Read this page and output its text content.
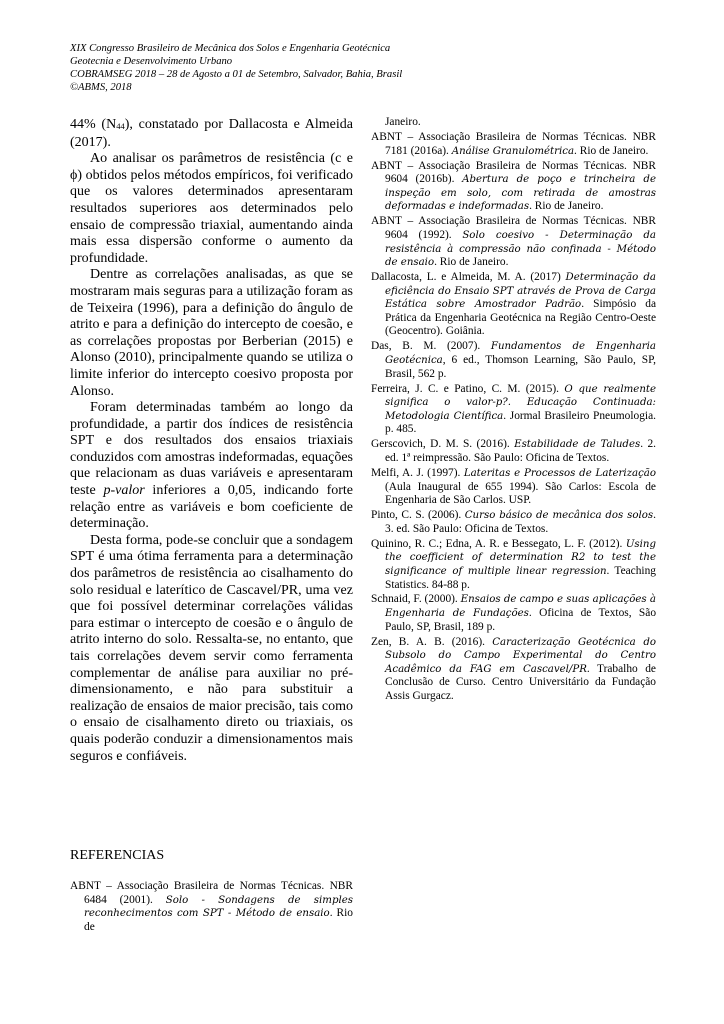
XIX Congresso Brasileiro de Mecânica dos Solos e Engenharia Geotécnica
Geotecnia e Desenvolvimento Urbano
COBRAMSEG 2018 – 28 de Agosto a 01 de Setembro, Salvador, Bahia, Brasil
©ABMS, 2018

44% $(N_{44})$, constatado por Dallacosta e Almeida (2017).

Ao analisar os parâmetros de resistência (c e ϕ) obtidos pelos métodos empíricos, foi verificado que os valores determinados apresentaram resultados superiores aos determinados pelo ensaio de compressão triaxial, aumentando ainda mais essa dispersão conforme o aumento da profundidade.

Dentre as correlações analisadas, as que se mostraram mais seguras para a utilização foram as de Teixeira (1996), para a definição do ângulo de atrito e para a definição do intercepto de coesão, e as correlações propostas por Berberian (2015) e Alonso (2010), principalmente quando se utiliza o limite inferior do intercepto coesivo proposta por Alonso.

Foram determinadas também ao longo da profundidade, a partir dos índices de resistência SPT e dos resultados dos ensaios triaxiais conduzidos com amostras indeformadas, equações que relacionam as duas variáveis e apresentaram teste p-valor inferiores a 0,05, indicando forte relação entre as variáveis e bom coeficiente de determinação.

Desta forma, pode-se concluir que a sondagem SPT é uma ótima ferramenta para a determinação dos parâmetros de resistência ao cisalhamento do solo residual e laterítico de Cascavel/PR, uma vez que foi possível determinar correlações válidas para estimar o intercepto de coesão e o ângulo de atrito interno do solo. Ressalta-se, no entanto, que tais correlações devem servir como ferramenta complementar de análise para auxiliar no pré-dimensionamento, e não para substituir a realização de ensaios de maior precisão, tais como o ensaio de cisalhamento direto ou triaxiais, os quais poderão conduzir a dimensionamentos mais seguros e confiáveis.

REFERENCIAS
ABNT – Associação Brasileira de Normas Técnicas. NBR 6484 (2001). Solo - Sondagens de simples reconhecimentos com SPT - Método de ensaio. Rio de
Janeiro.
ABNT – Associação Brasileira de Normas Técnicas. NBR 7181 (2016a). Análise Granulométrica. Rio de Janeiro.
ABNT – Associação Brasileira de Normas Técnicas. NBR 9604 (2016b). Abertura de poço e trincheira de inspeção em solo, com retirada de amostras deformadas e indeformadas. Rio de Janeiro.
ABNT – Associação Brasileira de Normas Técnicas. NBR 9604 (1992). Solo coesivo - Determinação da resistência à compressão não confinada - Método de ensaio. Rio de Janeiro.
Dallacosta, L. e Almeida, M. A. (2017) Determinação da eficiência do Ensaio SPT através de Prova de Carga Estática sobre Amostrador Padrão. Simpósio da Prática da Engenharia Geotécnica na Região Centro-Oeste (Geocentro). Goiânia.
Das, B. M. (2007). Fundamentos de Engenharia Geotécnica, 6 ed., Thomson Learning, São Paulo, SP, Brasil, 562 p.
Ferreira, J. C. e Patino, C. M. (2015). O que realmente significa o valor-p?. Educação Continuada: Metodologia Científica. Jormal Brasileiro Pneumologia. p. 485.
Gerscovich, D. M. S. (2016). Estabilidade de Taludes. 2. ed. 1ª reimpressão. São Paulo: Oficina de Textos.
Melfi, A. J. (1997). Lateritas e Processos de Laterização (Aula Inaugural de 655 1994). São Carlos: Escola de Engenharia de São Carlos. USP.
Pinto, C. S. (2006). Curso básico de mecânica dos solos. 3. ed. São Paulo: Oficina de Textos.
Quinino, R. C.; Edna, A. R. e Bessegato, L. F. (2012). Using the coefficient of determination R2 to test the significance of multiple linear regression. Teaching Statistics. 84-88 p.
Schnaid, F. (2000). Ensaios de campo e suas aplicações à Engenharia de Fundações. Oficina de Textos, São Paulo, SP, Brasil, 189 p.
Zen, B. A. B. (2016). Caracterização Geotécnica do Subsolo do Campo Experimental do Centro Acadêmico da FAG em Cascavel/PR. Trabalho de Conclusão de Curso. Centro Universitário da Fundação Assis Gurgacz.
